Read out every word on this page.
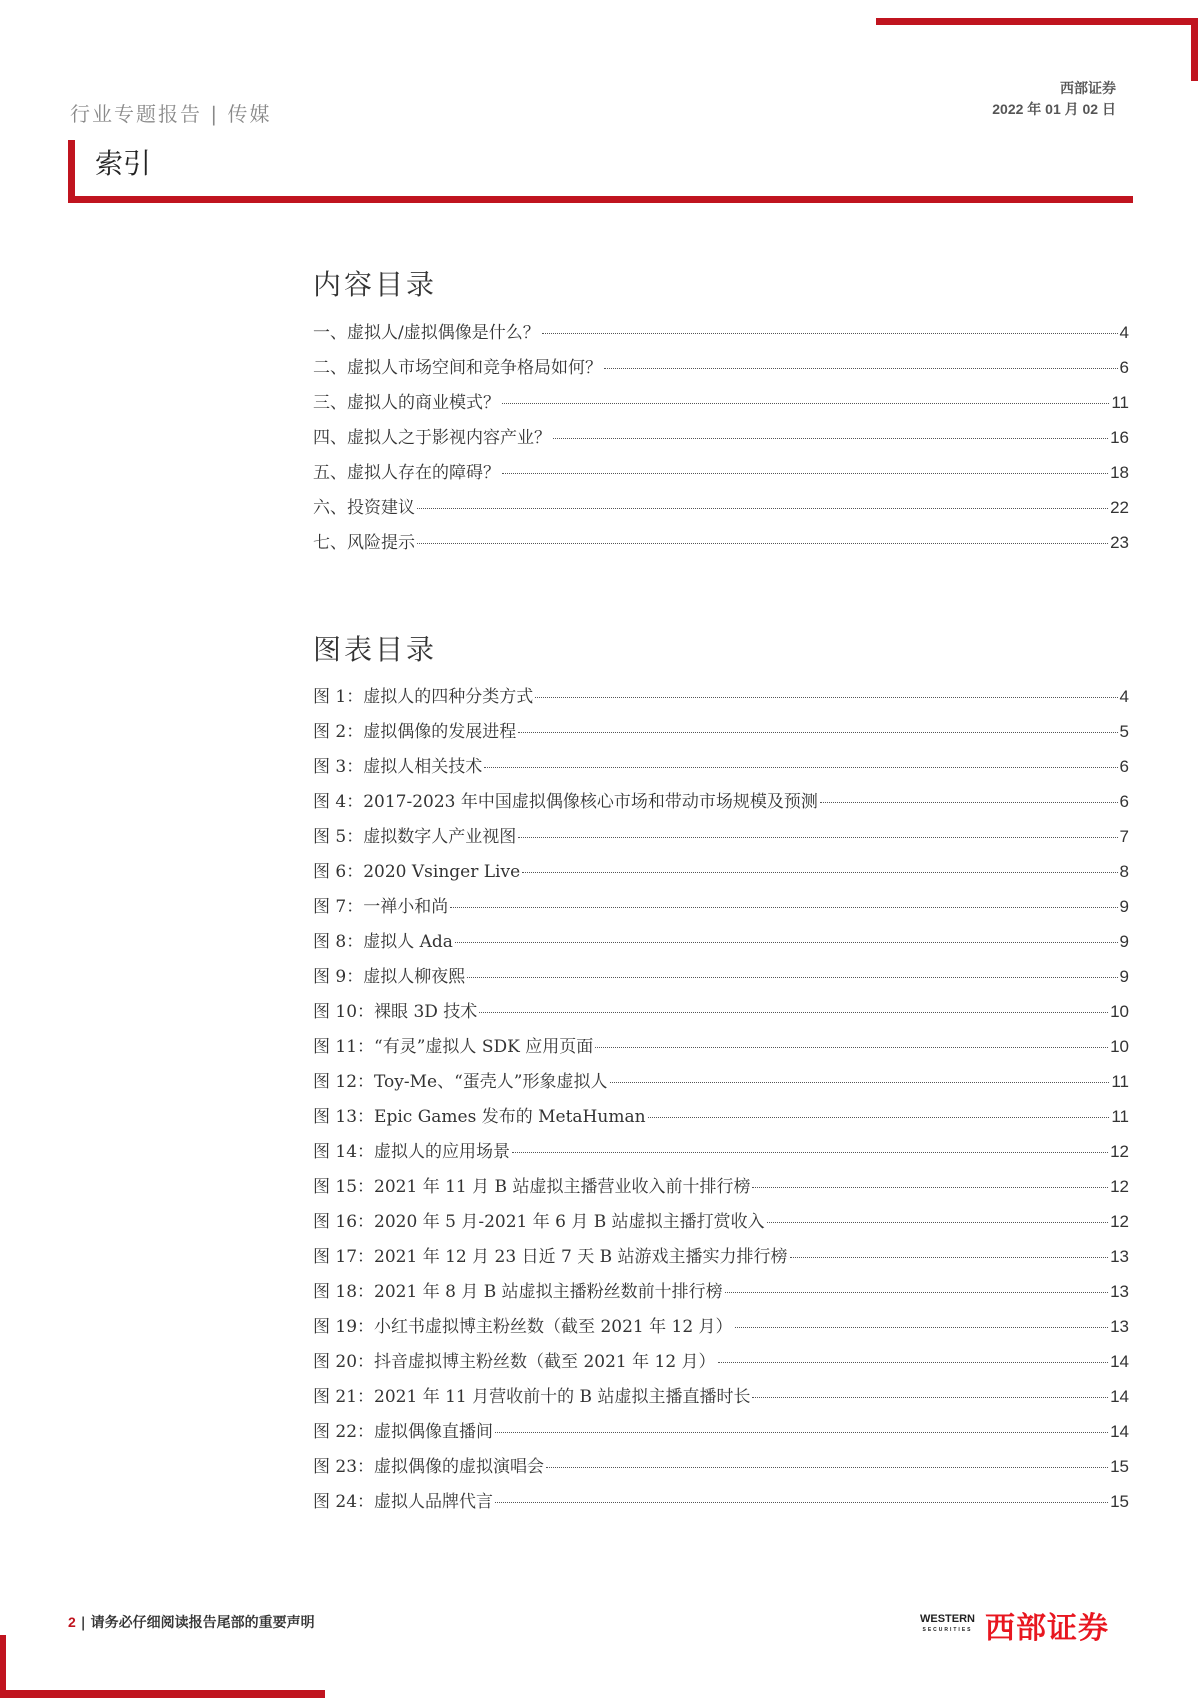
行业专题报告 | 传媒
西部证券
2022 年 01 月 02 日
索引
内容目录
一、虚拟人/虚拟偶像是什么？	4
二、虚拟人市场空间和竞争格局如何？	6
三、虚拟人的商业模式？	11
四、虚拟人之于影视内容产业？	16
五、虚拟人存在的障碍？	18
六、投资建议	22
七、风险提示	23
图表目录
图 1：虚拟人的四种分类方式	4
图 2：虚拟偶像的发展进程	5
图 3：虚拟人相关技术	6
图 4：2017-2023 年中国虚拟偶像核心市场和带动市场规模及预测	6
图 5：虚拟数字人产业视图	7
图 6：2020 Vsinger Live	8
图 7：一禅小和尚	9
图 8：虚拟人 Ada	9
图 9：虚拟人柳夜熙	9
图 10：裸眼 3D 技术	10
图 11：“有灵”虚拟人 SDK 应用页面	10
图 12：Toy-Me、“蛋壳人”形象虚拟人	11
图 13：Epic Games 发布的 MetaHuman	11
图 14：虚拟人的应用场景	12
图 15：2021 年 11 月 B 站虚拟主播营业收入前十排行榜	12
图 16：2020 年 5 月-2021 年 6 月 B 站虚拟主播打赏收入	12
图 17：2021 年 12 月 23 日近 7 天 B 站游戏主播实力排行榜	13
图 18：2021 年 8 月 B 站虚拟主播粉丝数前十排行榜	13
图 19：小红书虚拟博主粉丝数（截至 2021 年 12 月）	13
图 20：抖音虚拟博主粉丝数（截至 2021 年 12 月）	14
图 21：2021 年 11 月营收前十的 B 站虚拟主播直播时长	14
图 22：虚拟偶像直播间	14
图 23：虚拟偶像的虚拟演唱会	15
图 24：虚拟人品牌代言	15
2 | 请务必仔细阅读报告尾部的重要声明	WESTERN
SECURITIES 西部证券
